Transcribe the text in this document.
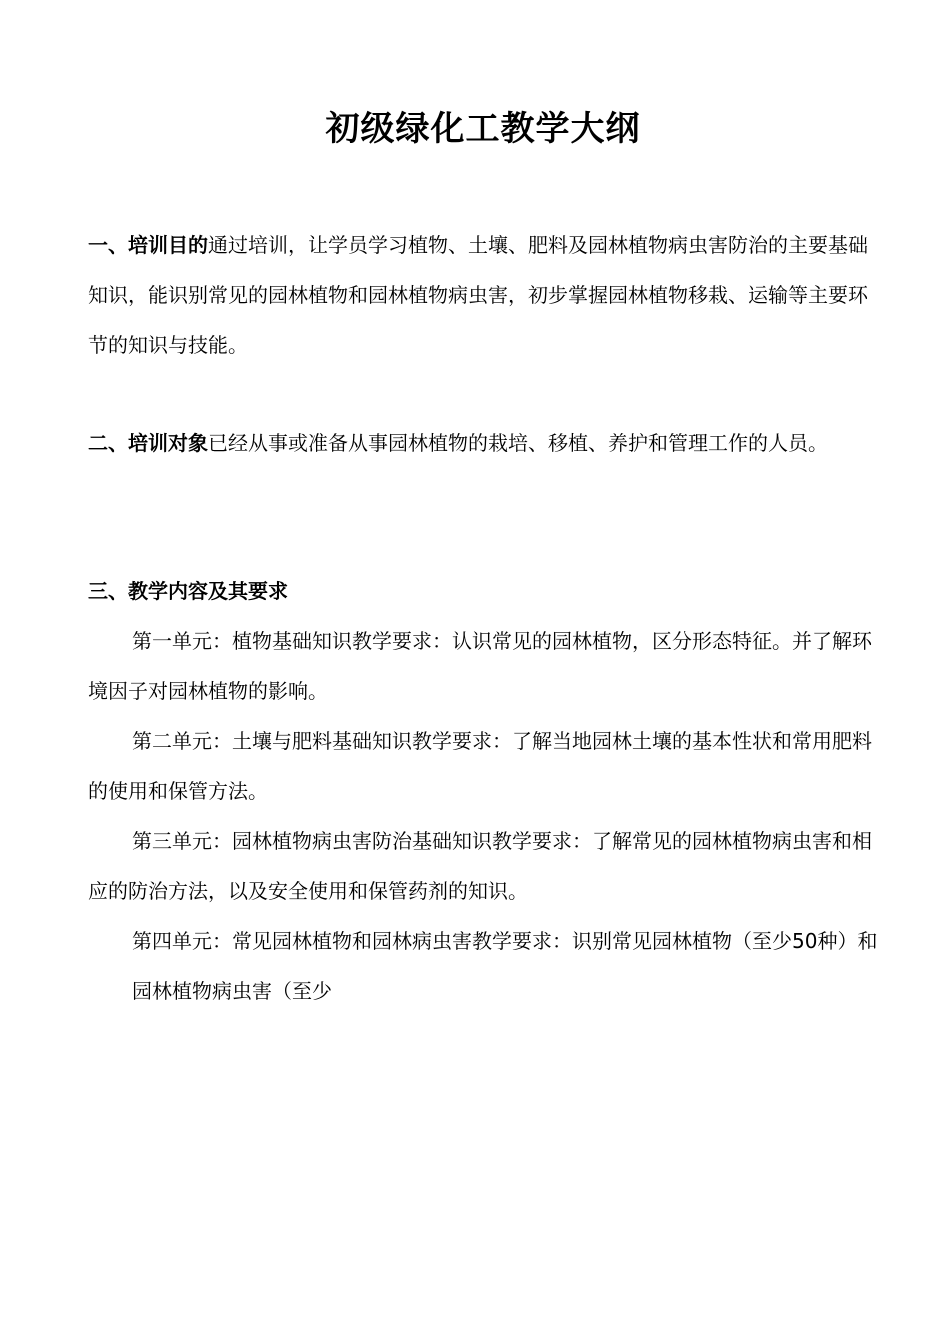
初级绿化工教学大纲
一、培训目的通过培训，让学员学习植物、土壤、肥料及园林植物病虫害防治的主要基础知识，能识别常见的园林植物和园林植物病虫害，初步掌握园林植物移栽、运输等主要环节的知识与技能。
二、培训对象已经从事或准备从事园林植物的栽培、移植、养护和管理工作的人员。
三、教学内容及其要求
第一单元：植物基础知识教学要求：认识常见的园林植物，区分形态特征。并了解环境因子对园林植物的影响。
第二单元：土壤与肥料基础知识教学要求：了解当地园林土壤的基本性状和常用肥料的使用和保管方法。
第三单元：园林植物病虫害防治基础知识教学要求：了解常见的园林植物病虫害和相应的防治方法，以及安全使用和保管药剂的知识。
第四单元：常见园林植物和园林病虫害教学要求：识别常见园林植物（至少50种）和园林植物病虫害（至少
